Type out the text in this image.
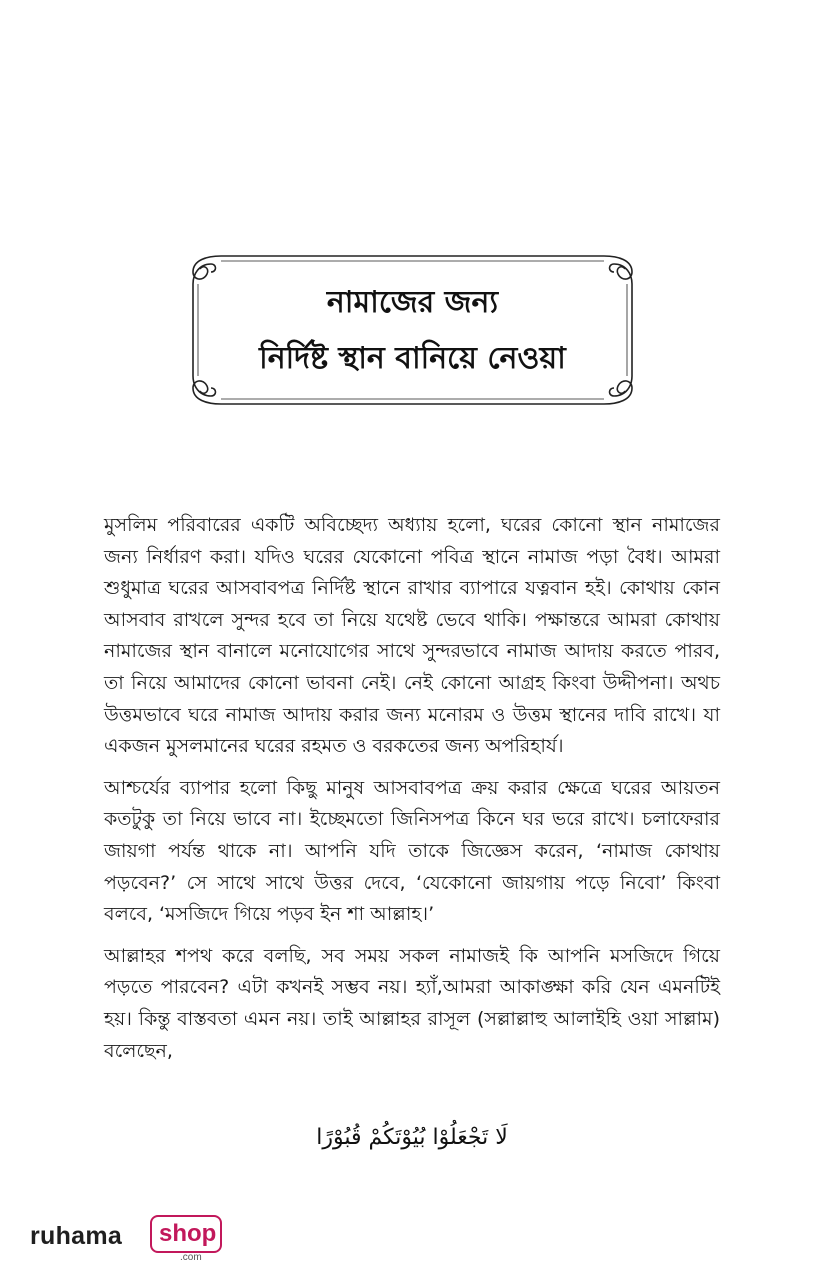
নামাজের জন্য
নির্দিষ্ট স্থান বানিয়ে নেওয়া

মুসলিম পরিবারের একটি অবিচ্ছেদ্য অধ্যায় হলো, ঘরের কোনো স্থান নামাজের জন্য নির্ধারণ করা। যদিও ঘরের যেকোনো পবিত্র স্থানে নামাজ পড়া বৈধ। আমরা শুধুমাত্র ঘরের আসবাবপত্র নির্দিষ্ট স্থানে রাখার ব্যাপারে যত্নবান হই। কোথায় কোন আসবাব রাখলে সুন্দর হবে তা নিয়ে যথেষ্ট ভেবে থাকি। পক্ষান্তরে আমরা কোথায় নামাজের স্থান বানালে মনোযোগের সাথে সুন্দরভাবে নামাজ আদায় করতে পারব, তা নিয়ে আমাদের কোনো ভাবনা নেই। নেই কোনো আগ্রহ কিংবা উদ্দীপনা। অথচ উত্তমভাবে ঘরে নামাজ আদায় করার জন্য মনোরম ও উত্তম স্থানের দাবি রাখে। যা একজন মুসলমানের ঘরের রহমত ও বরকতের জন্য অপরিহার্য।

আশ্চর্যের ব্যাপার হলো কিছু মানুষ আসবাবপত্র ক্রয় করার ক্ষেত্রে ঘরের আয়তন কতটুকু তা নিয়ে ভাবে না। ইচ্ছেমতো জিনিসপত্র কিনে ঘর ভরে রাখে। চলাফেরার জায়গা পর্যন্ত থাকে না। আপনি যদি তাকে জিজ্ঞেস করেন, ‘নামাজ কোথায় পড়বেন?’ সে সাথে সাথে উত্তর দেবে, ‘যেকোনো জায়গায় পড়ে নিবো’ কিংবা বলবে, ‘মসজিদে গিয়ে পড়ব ইন শা আল্লাহ।’

আল্লাহর শপথ করে বলছি, সব সময় সকল নামাজই কি আপনি মসজিদে গিয়ে পড়তে পারবেন? এটা কখনই সম্ভব নয়। হ্যাঁ,আমরা আকাঙ্ক্ষা করি যেন এমনটিই হয়। কিন্তু বাস্তবতা এমন নয়। তাই আল্লাহর রাসূল (সল্লাল্লাহু আলাইহি ওয়া সাল্লাম) বলেছেন,

لَا تَجْعَلُوْا بُيُوْتَكُمْ قُبُوْرًا
ruhama shop
.com
